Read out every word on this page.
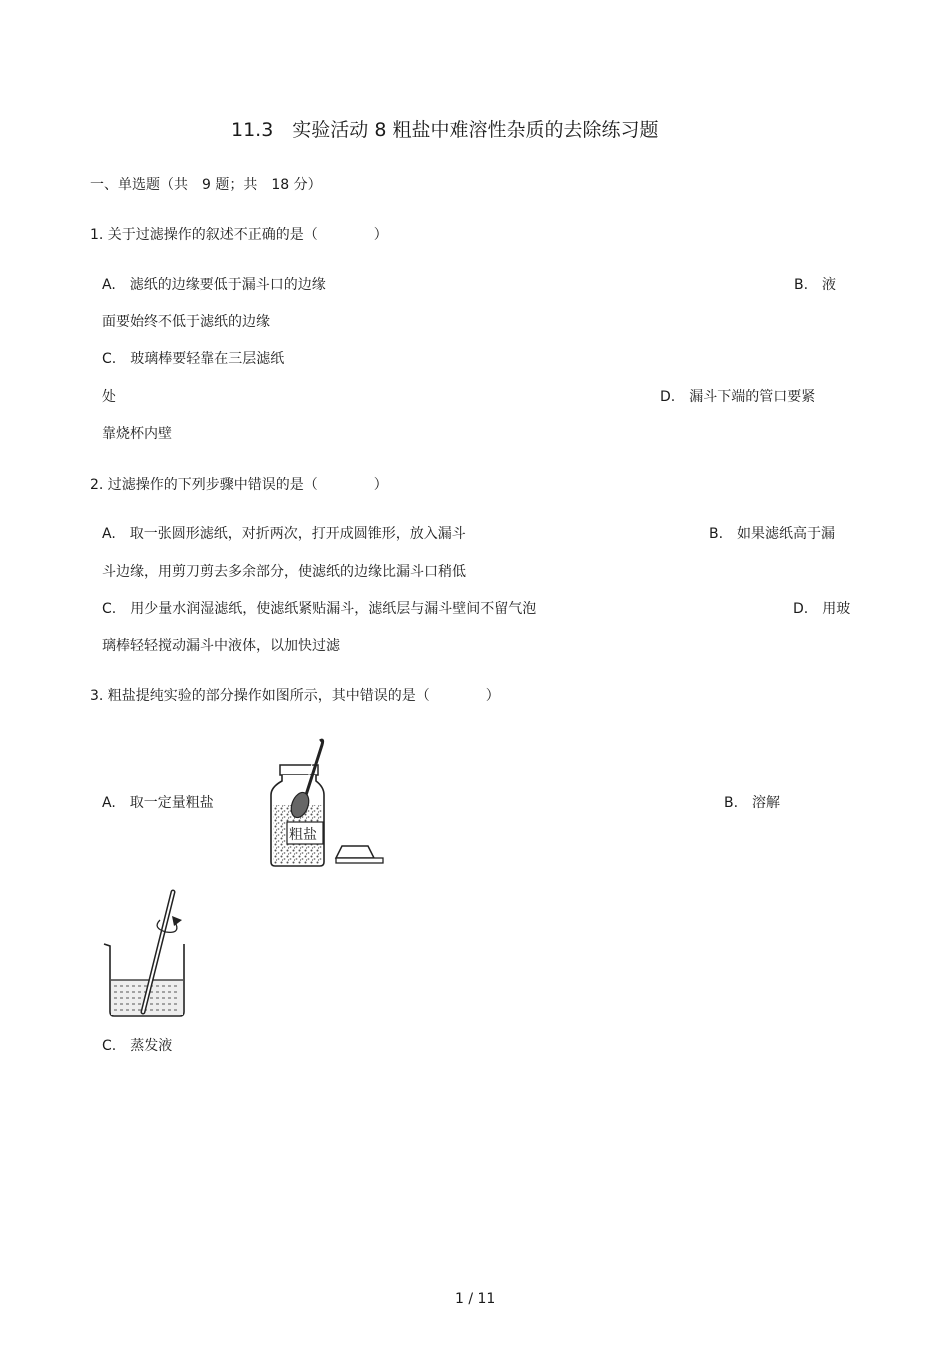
11.3　实验活动 8 粗盐中难溶性杂质的去除练习题
一、单选题（共　9 题；共　18 分）
1. 关于过滤操作的叙述不正确的是（　　　　）
A.　滤纸的边缘要低于漏斗口的边缘	B.　液
面要始终不低于滤纸的边缘
C.　玻璃棒要轻靠在三层滤纸
处	D.　漏斗下端的管口要紧
靠烧杯内壁
2. 过滤操作的下列步骤中错误的是（　　　　）
A.　取一张圆形滤纸，对折两次，打开成圆锥形，放入漏斗	B.　如果滤纸高于漏
斗边缘，用剪刀剪去多余部分，使滤纸的边缘比漏斗口稍低
C.　用少量水润湿滤纸，使滤纸紧贴漏斗，滤纸层与漏斗壁间不留气泡	D.　用玻
璃棒轻轻搅动漏斗中液体，以加快过滤
3. 粗盐提纯实验的部分操作如图所示，其中错误的是（　　　　）
A.　取一定量粗盐	B.　溶解
C.　蒸发液
粗盐
1 / 11
